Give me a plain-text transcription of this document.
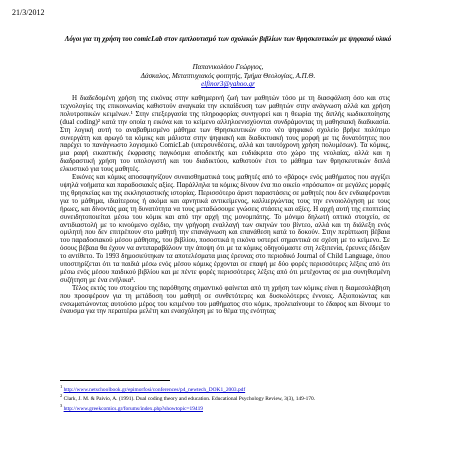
21/3/2012
Λόγοι για τη χρήση του comicLab στον εμπλουτισμό των σχολικών βιβλίων των θρησκευτικών με ψηφιακό υλικό
Παπανικολάου Γεώργιος,
Δάσκαλος, Μεταπτυχιακός φοιτητής, Τμήμα Θεολογίας, Α.Π.Θ.
elfinor3@yahoo.gr

Η διαδεδομένη χρήση της εικόνας στην καθημερινή ζωή των μαθητών τόσο με τη διασφάλιση όσο και στις τεχνολογίες της επικοινωνίας καθιστούν αναγκαία την εκπαίδευση των μαθητών στην ανάγνωση αλλά και χρήση πολυτροπικών κειμένων.¹ Στην επεξεργασία της πληροφορίας συνηγορεί και η θεωρία της διπλής κωδικοποίησης (dual coding)² κατά την οποία η εικόνα και το κείμενο αλληλοενισχύονται συνδράμοντας τη μαθησιακή διαδικασία. Στη λογική αυτή το αναβαθμισμένο μάθημα των Θρησκευτικών στο νέο ψηφιακό σχολείο βρήκε πολύτιμο συνεργάτη και αρωγό τα κόμικς και μάλιστα στην ψηφιακή και διαδικτυακή τους μορφή με τις δυνατότητες που παρέχει το πανάγνωστο λογισμικό ComicLab (υπερσυνδέσεις, αλλά και ταυτόχρονη χρήση πολυμέσων). Τα κόμικς, μια ραφή εικαστικής έκφρασης παγκόσμια αποδεκτής και ευδιάκριτα στο χώρο της νεολαίας, αλλά και η διαδραστική χρήση του υπολογιστή και του διαδικτύου, καθιστούν έτσι το μάθημα των θρησκευτικών διπλά ελκυστικό για τους μαθητές.

Εικόνες και κόμικς αποσαφηνίζουν συναισθηματικά τους μαθητές από το «βάρος» ενός μαθήματος που αγγίζει υψηλά νοήματα και παραδοσιακές αξίες. Παράλληλα τα κόμικς δίνουν ένα πιο οικείο «πρόσωπο» σε μεγάλες μορφές της θρησκείας και της εκκλησιαστικής ιστορίας. Περισσότερο άριστ παραστάσεις σε μαθητές που δεν ενδιαφέρονται για το μάθημα, ιδιαίτερους ή ακόμα και αρνητικά αντικείμενος, καλλιεργώντας τους την εννοιολόγηση με τους ήρωες, και δίνοντάς μας τη δυνατότητα να τους μεταδώσουμε γνώσεις στάσεις και αξίες. Η αρχή αυτή της εποπτείας συνειδητοποιείται μέσω του κόμικ και από την αρχή της μονομπάτης. Το μόνιμο δηλωτή οπτικό στοιχείο, σε αντιδιαστολή με το κινούμενο σχέδιο, την γρήγορη εναλλαγή των σκηνών του βίντεο, αλλά και τη διάλεξη ενός ομιλητή που δεν επιτρέπουν στο μαθητή την επανάγνωση και επανάθεση κατά το δοκούν. Στην περίπτωση βέβαια του παραδοσιακού μέσου μάθησης, του βιβλίου, ποσοστικά η εικόνα υστερεί σημαντικά σε σχέση με το κείμενο. Σε όσους βέβαια θα έχουν να αντιπαραβάλουν την άποψη ότι με τα κόμικς οδηγούμαστε στη λεξιπενία, έρευνες έδειξαν το αντίθετο. Το 1993 δημοσιεύτηκαν τα αποτελέσματα μιας έρευνας στο περιοδικό Journal of Child Language, όπου υποστηρίζεται ότι τα παιδιά μέσω ενός μέσου κόμικς έρχονται σε επαφή με δύο φορές περισσότερες λέξεις από ότι μέσω ενός μέσου παιδικού βιβλίου και με πέντε φορές περισσότερες λέξεις από ότι μετέχοντας σε μια συνηθισμένη συζήτηση με ένα ενήλικα³.

Τέλος εκτός του στοιχείου της παρόθησης σημαντικό φαίνεται από τη χρήση των κόμικς είναι η διαμεσολάβηση που προσφέρουν για τη μετάδοση του μαθητή σε συνθετότερες και δυσκολότερες έννοιες. Αξιοποιώντας και ενσωματώνοντας αυτούσιο μέρος του κειμένου του μαθήματος στο κόμικ, προλειαίνουμε το έδαφος και δίνουμε το έναυσμα για την περαιτέρω μελέτη και ενασχόληση με το θέμα της ενότητας

$^1$ http://www.netschoolbook.gr/epimorfosi/conferences/p4_newtech_DOK1_2003.pdf
$^2$ Clark, J. M. & Paivio, A. (1991). Dual coding theory and education. Educational Psychology Review, 3(3), 149-170.
$^3$ http://www.greekcomics.gr/forums/index.php?showtopic=19419
